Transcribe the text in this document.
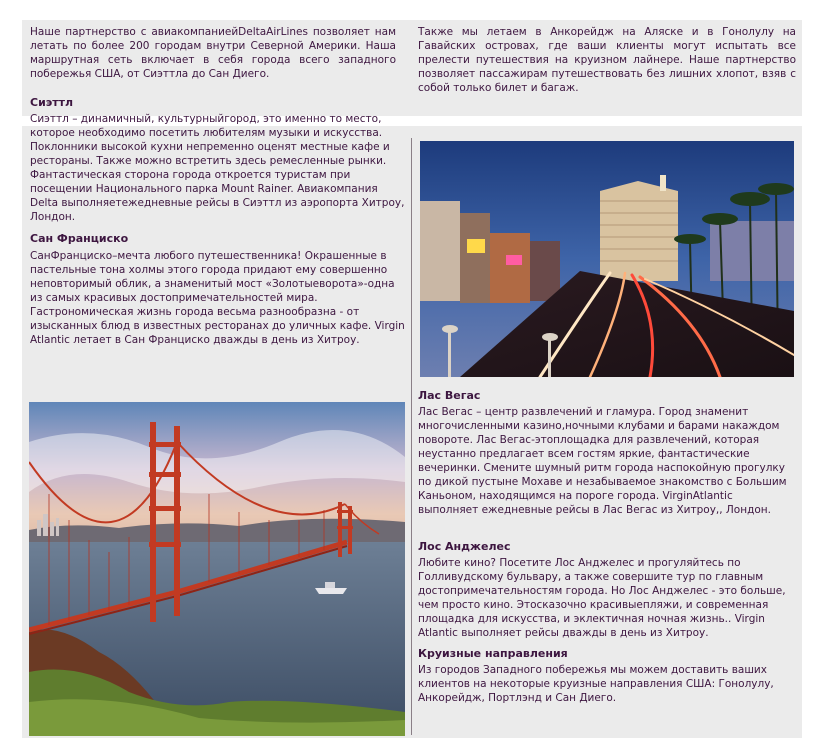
Наше партнерство с авиакомпаниейDeltaAirLines позволяет нам летать по более 200 городам внутри Северной Америки. Наша маршрутная сеть включает в себя города всего западного побережья США, от Сиэттла до Сан Диего.

Также мы летаем в Анкорейдж на Аляске и в Гонолулу на Гавайских островах, где ваши клиенты могут испытать все прелести путешествия на круизном лайнере. Наше партнерство позволяет пассажирам путешествовать без лишних хлопот, взяв с собой только билет и багаж.

Сиэттл

Сиэттл – динамичный, культурныйгород, это именно то место, которое необходимо посетить любителям музыки и искусства. Поклонники высокой кухни непременно оценят местные кафе и рестораны. Также можно встретить здесь ремесленные рынки. Фантастическая сторона города откроется туристам при посещении Национального парка Mount Rainer. Авиакомпания Delta выполняетежедневные рейсы в Сиэттл из аэропорта Хитроу, Лондон.

Сан Франциско

СанФранциско–мечта любого путешественника! Окрашенные в пастельные тона холмы этого города придают ему совершенно неповторимый облик, а знаменитый мост «Золотыеворота»-одна из самых красивых достопримечательностей мира. Гастрономическая жизнь города весьма разнообразна - от изысканных блюд в известных ресторанах до уличных кафе. Virgin Atlantic летает в Сан Франциско дважды в день из Хитроу.

Лас Вегас

Лас Вегас – центр развлечений и гламура. Город знаменит многочисленными казино,ночными клубами и барами накаждом повороте. Лас Вегас-этоплощадка для развлечений, которая неустанно предлагает всем гостям яркие, фантастические вечеринки. Смените шумный ритм города наспокойную прогулку по дикой пустыне Мохаве и незабываемое знакомство с Большим Каньоном, находящимся на пороге города. VirginAtlantic выполняет ежедневные рейсы в Лас Вегас из Хитроу,, Лондон.

Лос Анджелес

Любите кино? Посетите Лос Анджелес и прогуляйтесь по Голливудскому бульвару, а также совершите тур по главным достопримечательностям города. Но Лос Анджелес - это больше, чем просто кино. Этосказочно красивыепляжи, и современная площадка для искусства, и эклектичная ночная жизнь.. Virgin Atlantic выполняет рейсы дважды в день из Хитроу.

Круизные направления

Из городов Западного побережья мы можем доставить ваших клиентов на некоторые круизные направления США: Гонолулу, Анкорейдж, Портлэнд и Сан Диего.
